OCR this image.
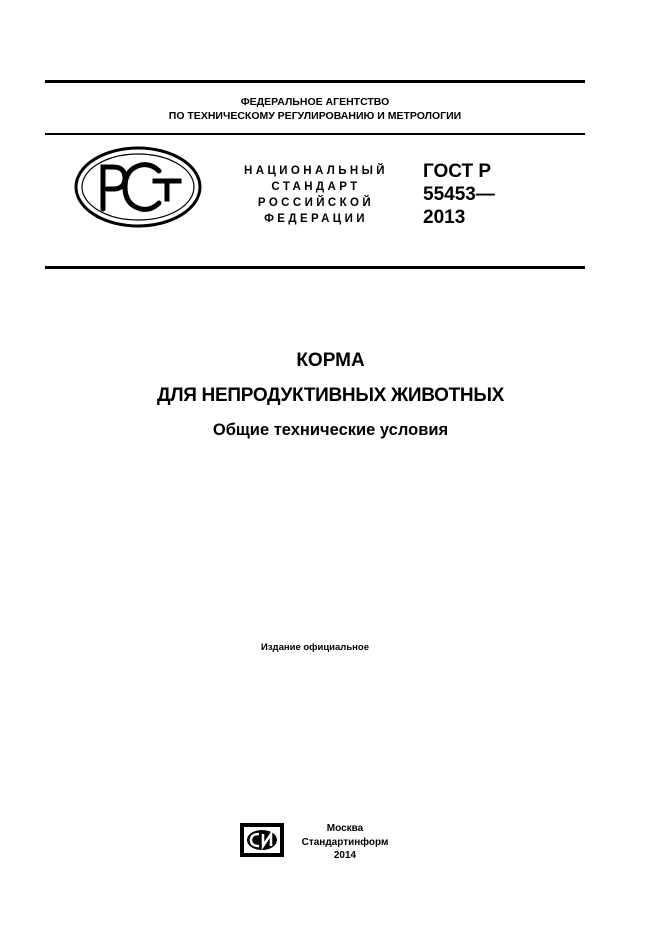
ФЕДЕРАЛЬНОЕ АГЕНТСТВО
ПО ТЕХНИЧЕСКОМУ РЕГУЛИРОВАНИЮ И МЕТРОЛОГИИ
НАЦИОНАЛЬНЫЙ
СТАНДАРТ
РОССИЙСКОЙ
ФЕДЕРАЦИИ
ГОСТ Р
55453—
2013
КОРМА
ДЛЯ НЕПРОДУКТИВНЫХ ЖИВОТНЫХ
Общие технические условия
Издание официальное
Москва
Стандартинформ
2014
